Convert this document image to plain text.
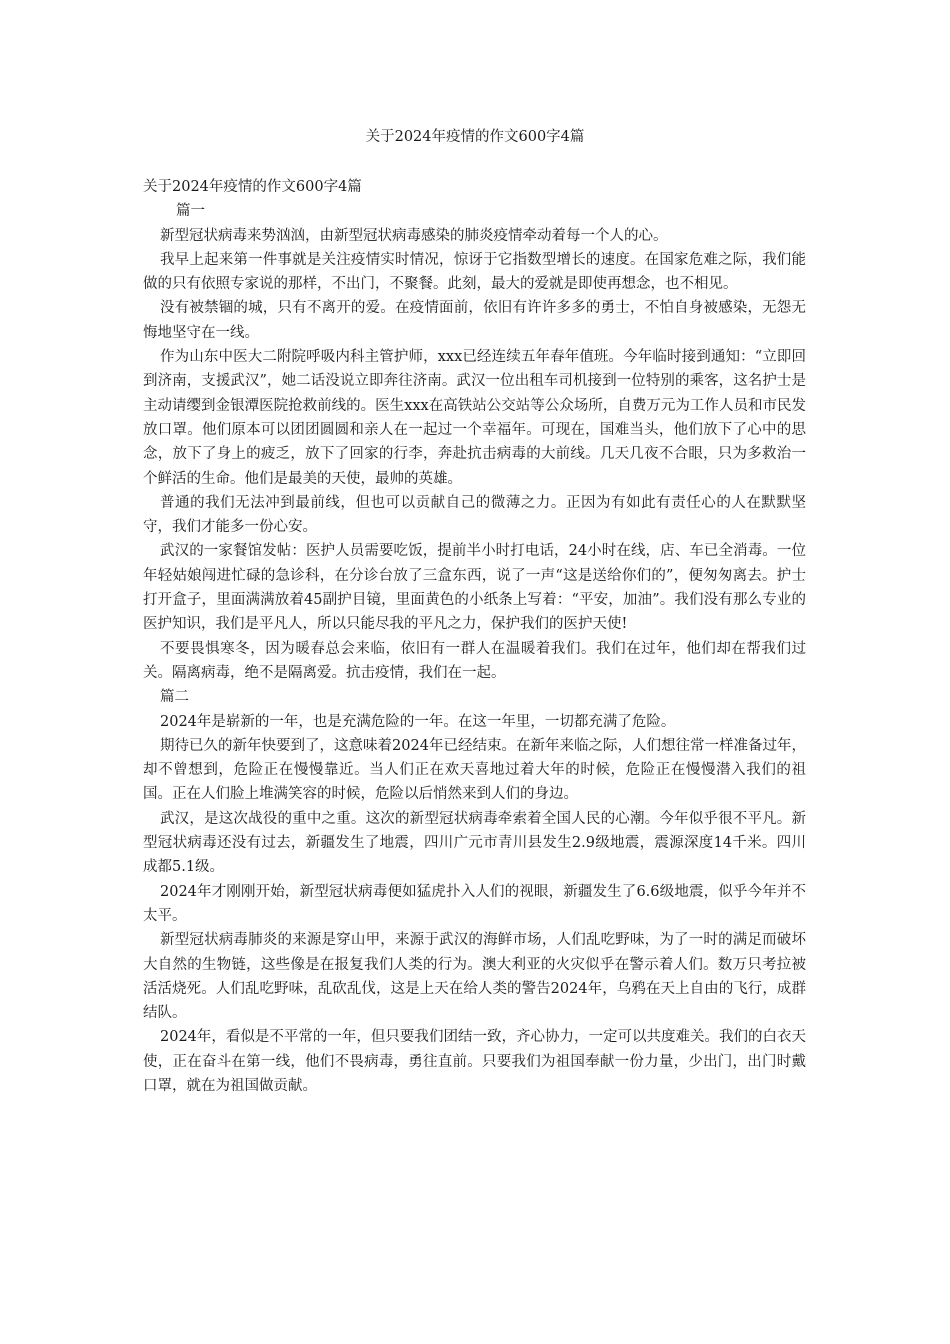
关于2024年疫情的作文600字4篇

关于2024年疫情的作文600字4篇

篇一

新型冠状病毒来势汹汹，由新型冠状病毒感染的肺炎疫情牵动着每一个人的心。

我早上起来第一件事就是关注疫情实时情况，惊讶于它指数型增长的速度。在国家危难之际，我们能做的只有依照专家说的那样，不出门，不聚餐。此刻，最大的爱就是即使再想念，也不相见。

没有被禁锢的城，只有不离开的爱。在疫情面前，依旧有许许多多的勇士，不怕自身被感染，无怨无悔地坚守在一线。

作为山东中医大二附院呼吸内科主管护师，xxx已经连续五年春年值班。今年临时接到通知：“立即回到济南，支援武汉”，她二话没说立即奔往济南。武汉一位出租车司机接到一位特别的乘客，这名护士是主动请缨到金银潭医院抢救前线的。医生xxx在高铁站公交站等公众场所，自费万元为工作人员和市民发放口罩。他们原本可以团团圆圆和亲人在一起过一个幸福年。可现在，国难当头，他们放下了心中的思念，放下了身上的疲乏，放下了回家的行李，奔赴抗击病毒的大前线。几天几夜不合眼，只为多救治一个鲜活的生命。他们是最美的天使，最帅的英雄。

普通的我们无法冲到最前线，但也可以贡献自己的微薄之力。正因为有如此有责任心的人在默默坚守，我们才能多一份心安。

武汉的一家餐馆发帖：医护人员需要吃饭，提前半小时打电话，24小时在线，店、车已全消毒。一位年轻姑娘闯进忙碌的急诊科，在分诊台放了三盒东西，说了一声“这是送给你们的”，便匆匆离去。护士打开盒子，里面满满放着45副护目镜，里面黄色的小纸条上写着：“平安，加油”。我们没有那么专业的医护知识，我们是平凡人，所以只能尽我的平凡之力，保护我们的医护天使!

不要畏惧寒冬，因为暖春总会来临，依旧有一群人在温暖着我们。我们在过年，他们却在帮我们过关。隔离病毒，绝不是隔离爱。抗击疫情，我们在一起。

篇二

2024年是崭新的一年，也是充满危险的一年。在这一年里，一切都充满了危险。

期待已久的新年快要到了，这意味着2024年已经结束。在新年来临之际，人们想往常一样准备过年，却不曾想到，危险正在慢慢靠近。当人们正在欢天喜地过着大年的时候，危险正在慢慢潜入我们的祖国。正在人们脸上堆满笑容的时候，危险以后悄然来到人们的身边。

武汉，是这次战役的重中之重。这次的新型冠状病毒牵索着全国人民的心潮。今年似乎很不平凡。新型冠状病毒还没有过去，新疆发生了地震，四川广元市青川县发生2.9级地震，震源深度14千米。四川成都5.1级。

2024年才刚刚开始，新型冠状病毒便如猛虎扑入人们的视眼，新疆发生了6.6级地震，似乎今年并不太平。

新型冠状病毒肺炎的来源是穿山甲，来源于武汉的海鲜市场，人们乱吃野味，为了一时的满足而破坏大自然的生物链，这些像是在报复我们人类的行为。澳大利亚的火灾似乎在警示着人们。数万只考拉被活活烧死。人们乱吃野味，乱砍乱伐，这是上天在给人类的警告2024年，乌鸦在天上自由的飞行，成群结队。

2024年，看似是不平常的一年，但只要我们团结一致，齐心协力，一定可以共度难关。我们的白衣天使，正在奋斗在第一线，他们不畏病毒，勇往直前。只要我们为祖国奉献一份力量，少出门，出门时戴口罩，就在为祖国做贡献。
